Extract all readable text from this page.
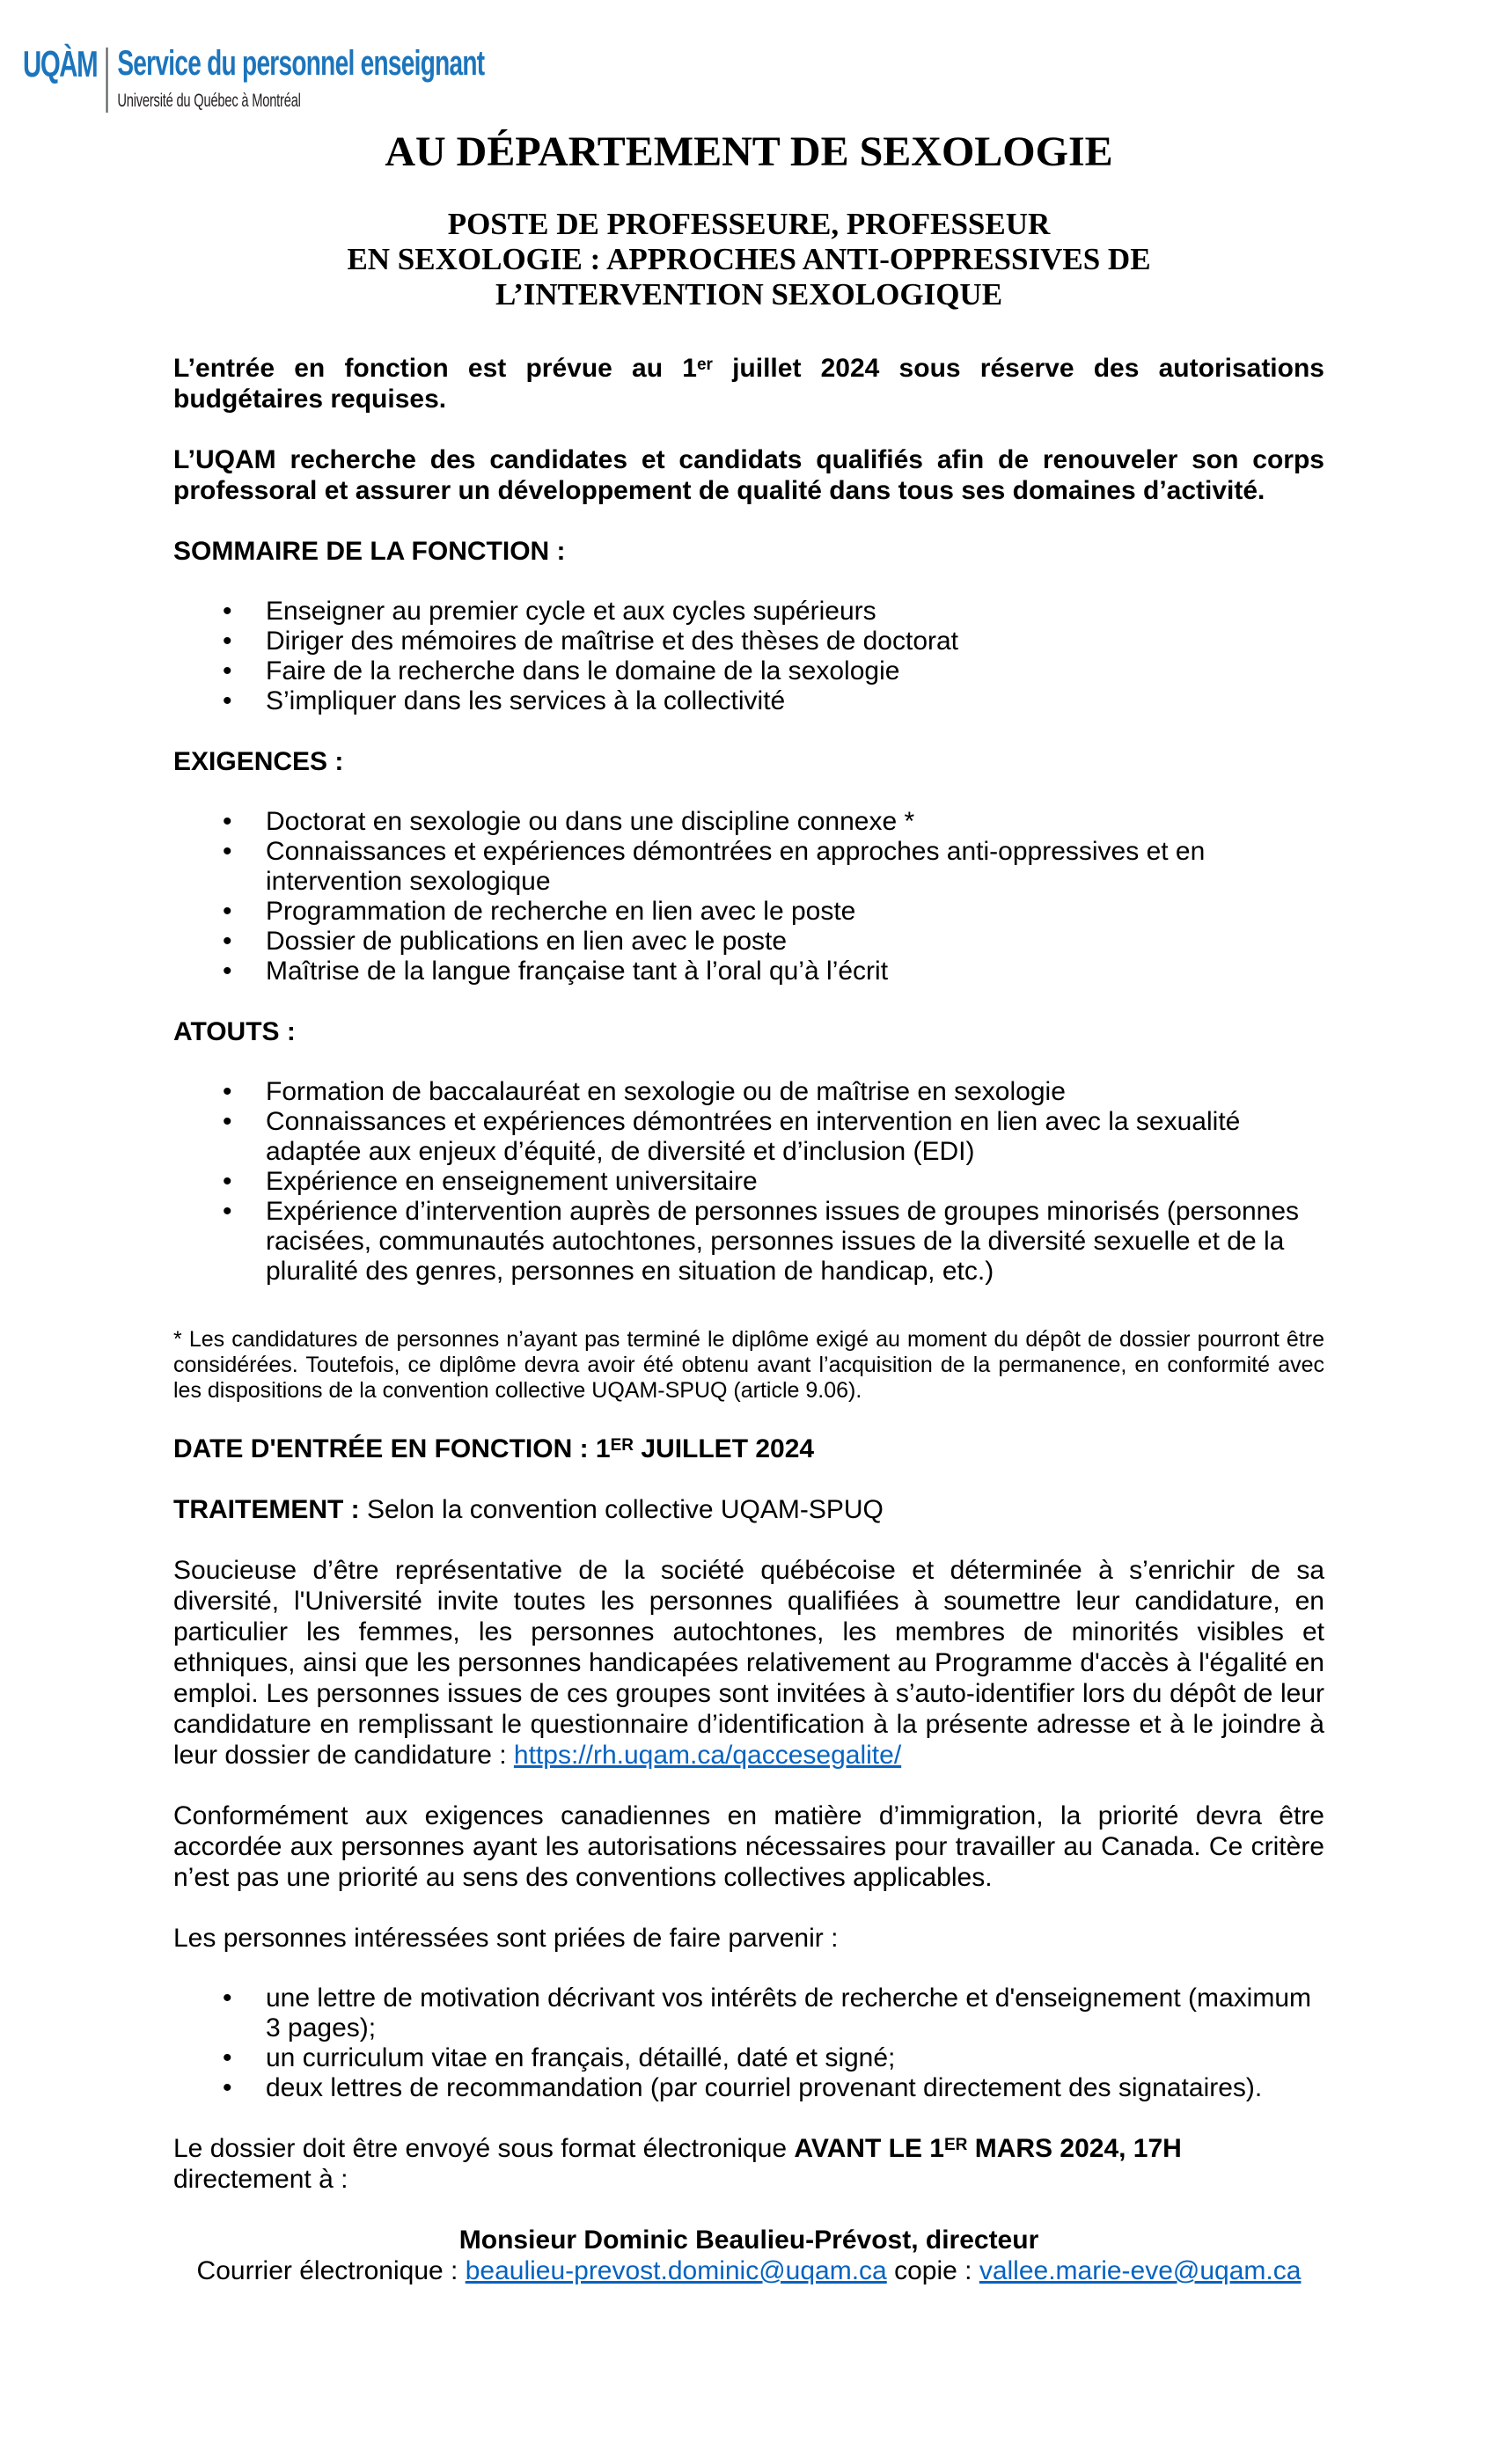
UQÀM Service du personnel enseignant
Université du Québec à Montréal
AU DÉPARTEMENT DE SEXOLOGIE
POSTE DE PROFESSEURE, PROFESSEUR
EN SEXOLOGIE : APPROCHES ANTI-OPPRESSIVES DE
L’INTERVENTION SEXOLOGIQUE

L’entrée en fonction est prévue au 1er juillet 2024 sous réserve des autorisations budgétaires requises.

L’UQAM recherche des candidates et candidats qualifiés afin de renouveler son corps professoral et assurer un développement de qualité dans tous ses domaines d’activité.

SOMMAIRE DE LA FONCTION :

• Enseigner au premier cycle et aux cycles supérieurs
• Diriger des mémoires de maîtrise et des thèses de doctorat
• Faire de la recherche dans le domaine de la sexologie
• S’impliquer dans les services à la collectivité

EXIGENCES :

• Doctorat en sexologie ou dans une discipline connexe *
• Connaissances et expériences démontrées en approches anti-oppressives et en intervention sexologique
• Programmation de recherche en lien avec le poste
• Dossier de publications en lien avec le poste
• Maîtrise de la langue française tant à l’oral qu’à l’écrit

ATOUTS :

• Formation de baccalauréat en sexologie ou de maîtrise en sexologie
• Connaissances et expériences démontrées en intervention en lien avec la sexualité adaptée aux enjeux d’équité, de diversité et d’inclusion (EDI)
• Expérience en enseignement universitaire
• Expérience d’intervention auprès de personnes issues de groupes minorisés (personnes racisées, communautés autochtones, personnes issues de la diversité sexuelle et de la pluralité des genres, personnes en situation de handicap, etc.)

* Les candidatures de personnes n’ayant pas terminé le diplôme exigé au moment du dépôt de dossier pourront être considérées. Toutefois, ce diplôme devra avoir été obtenu avant l’acquisition de la permanence, en conformité avec les dispositions de la convention collective UQAM-SPUQ (article 9.06).

DATE D'ENTRÉE EN FONCTION : 1ER JUILLET 2024

TRAITEMENT : Selon la convention collective UQAM-SPUQ

Soucieuse d’être représentative de la société québécoise et déterminée à s’enrichir de sa diversité, l'Université invite toutes les personnes qualifiées à soumettre leur candidature, en particulier les femmes, les personnes autochtones, les membres de minorités visibles et ethniques, ainsi que les personnes handicapées relativement au Programme d'accès à l'égalité en emploi. Les personnes issues de ces groupes sont invitées à s’auto-identifier lors du dépôt de leur candidature en remplissant le questionnaire d’identification à la présente adresse et à le joindre à leur dossier de candidature : https://rh.uqam.ca/qaccesegalite/

Conformément aux exigences canadiennes en matière d’immigration, la priorité devra être accordée aux personnes ayant les autorisations nécessaires pour travailler au Canada. Ce critère n’est pas une priorité au sens des conventions collectives applicables.

Les personnes intéressées sont priées de faire parvenir :

• une lettre de motivation décrivant vos intérêts de recherche et d'enseignement (maximum 3 pages);
• un curriculum vitae en français, détaillé, daté et signé;
• deux lettres de recommandation (par courriel provenant directement des signataires).

Le dossier doit être envoyé sous format électronique AVANT LE 1ER MARS 2024, 17H directement à :

Monsieur Dominic Beaulieu-Prévost, directeur

Courrier électronique : beaulieu-prevost.dominic@uqam.ca copie : vallee.marie-eve@uqam.ca
